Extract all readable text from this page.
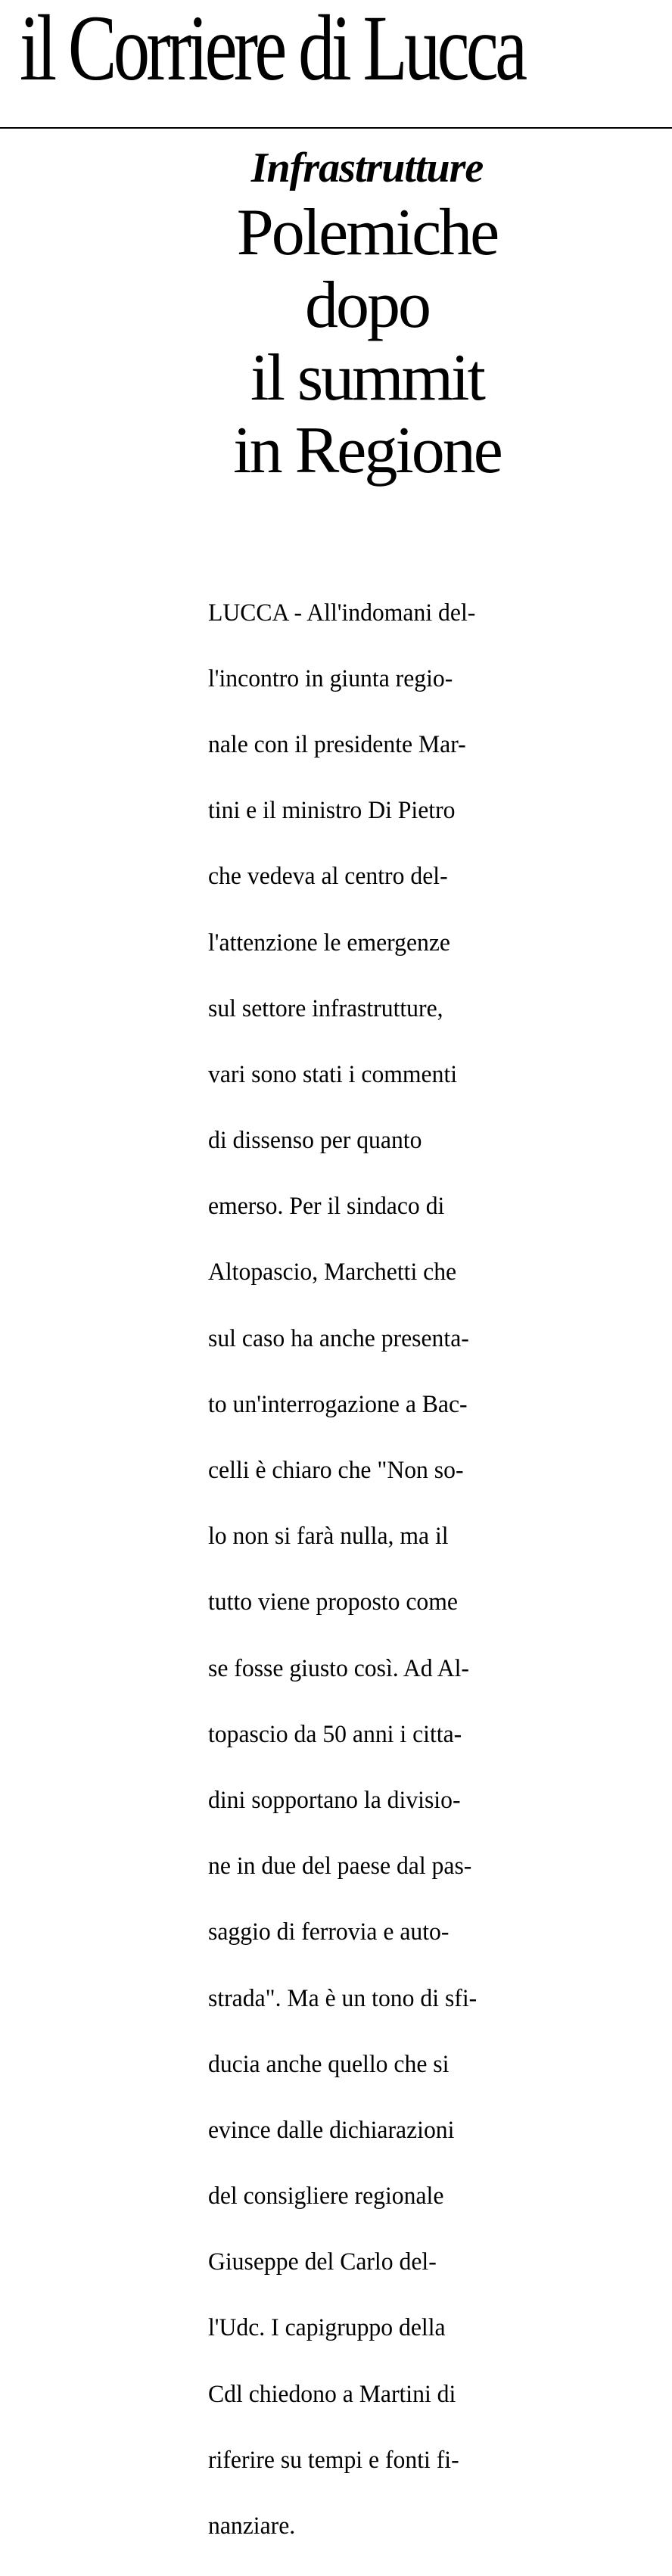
il Corriere di Lucca
Infrastrutture
Polemiche
dopo
il summit
in Regione

LUCCA - All'indomani del-

l'incontro in giunta regio-

nale con il presidente Mar-

tini e il ministro Di Pietro

che vedeva al centro del-

l'attenzione le emergenze

sul settore infrastrutture,

vari sono stati i commenti

di dissenso per quanto

emerso. Per il sindaco di

Altopascio, Marchetti che

sul caso ha anche presenta-

to un'interrogazione a Bac-

celli è chiaro che "Non so-

lo non si farà nulla, ma il

tutto viene proposto come

se fosse giusto così. Ad Al-

topascio da 50 anni i citta-

dini sopportano la divisio-

ne in due del paese dal pas-

saggio di ferrovia e auto-

strada". Ma è un tono di sfi-

ducia anche quello che si

evince dalle dichiarazioni

del consigliere regionale

Giuseppe del Carlo del-

l'Udc. I capigruppo della

Cdl chiedono a Martini di

riferire su tempi e fonti fi-

nanziare.
